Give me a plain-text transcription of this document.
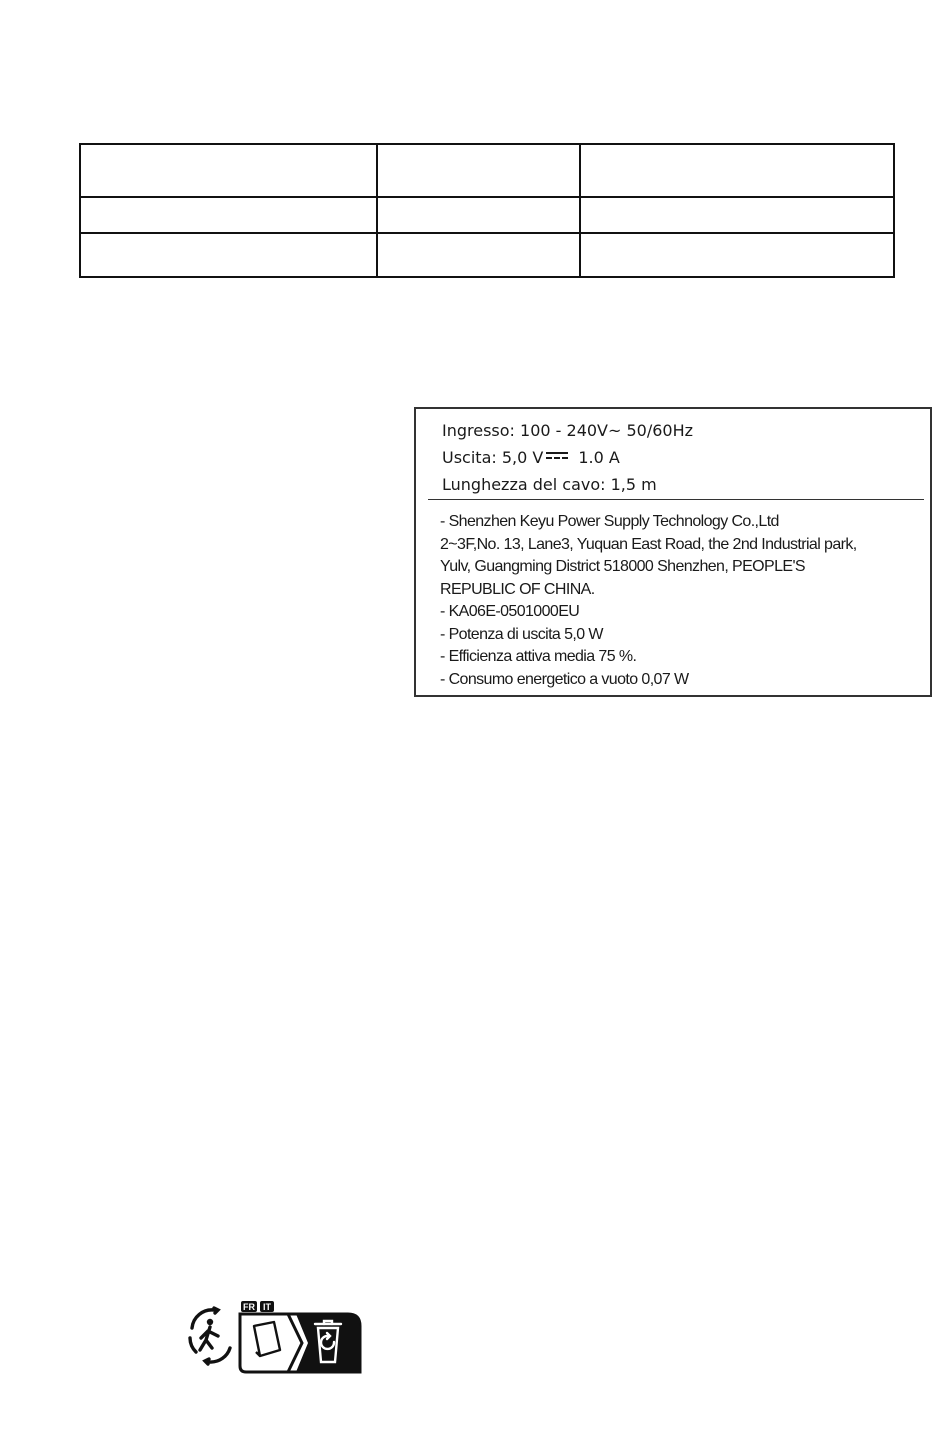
Ingresso: 100 - 240V~ 50/60Hz
Uscita: 5,0 V 1.0 A
Lunghezza del cavo: 1,5 m
- Shenzhen Keyu Power Supply Technology Co.,Ltd
2~3F,No. 13, Lane3, Yuquan East Road, the 2nd Industrial park,
Yulv, Guangming District 518000 Shenzhen, PEOPLE'S
REPUBLIC OF CHINA.
- KA06E-0501000EU
- Potenza di uscita 5,0 W
- Efficienza attiva media 75 %.
- Consumo energetico a vuoto 0,07 W
FR IT
